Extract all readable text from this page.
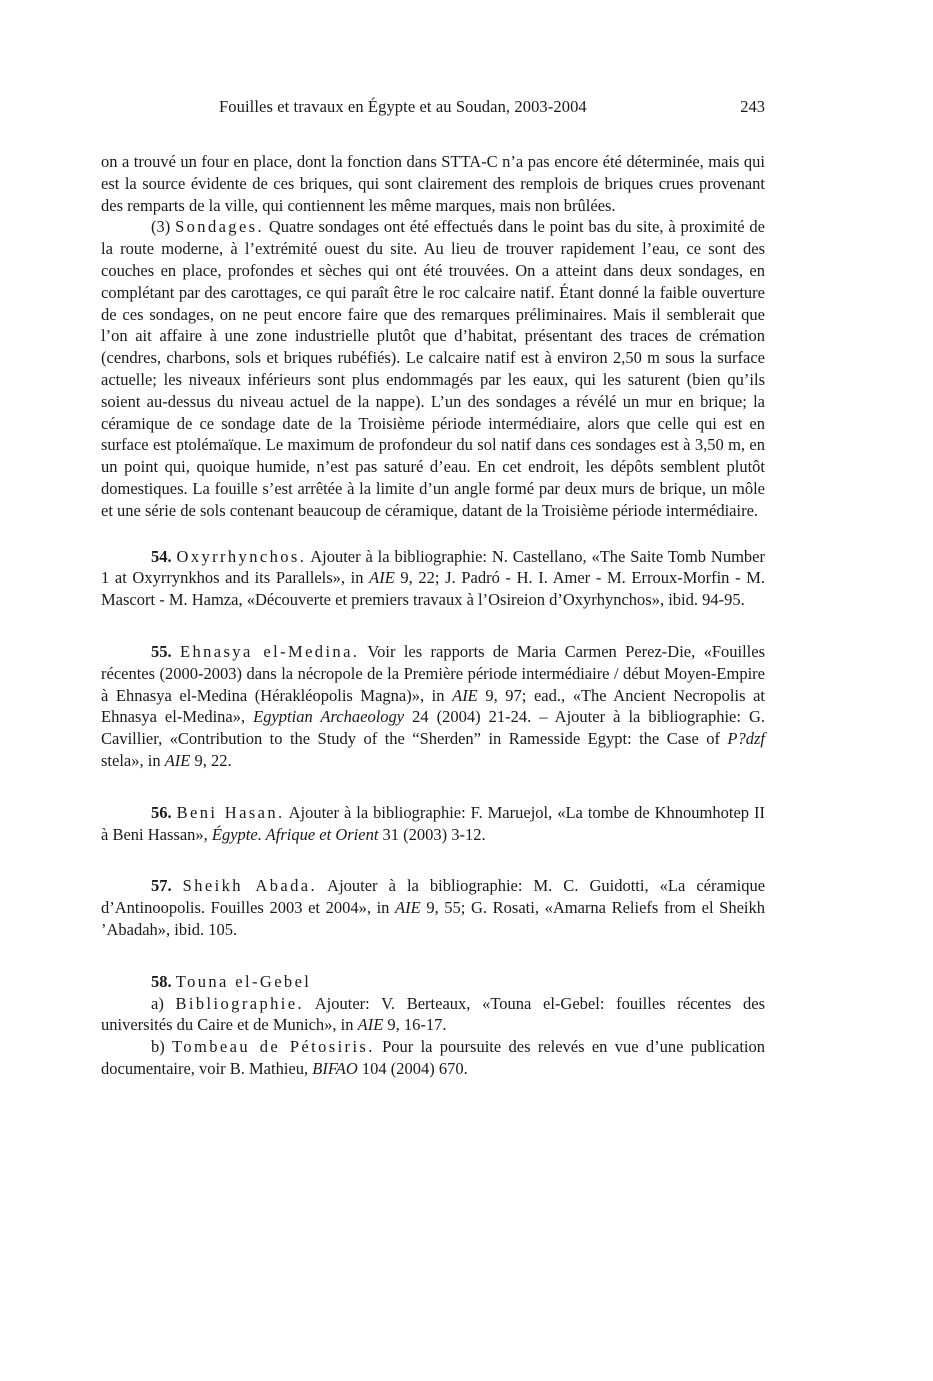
Fouilles et travaux en Égypte et au Soudan, 2003-2004	243

on a trouvé un four en place, dont la fonction dans STTA-C n’a pas encore été déterminée, mais qui est la source évidente de ces briques, qui sont clairement des remplois de briques crues provenant des remparts de la ville, qui contiennent les même marques, mais non brûlées.

(3) Sondages. Quatre sondages ont été effectués dans le point bas du site, à proximité de la route moderne, à l’extrémité ouest du site. Au lieu de trouver rapidement l’eau, ce sont des couches en place, profondes et sèches qui ont été trouvées. On a atteint dans deux sondages, en complétant par des carottages, ce qui paraît être le roc calcaire natif. Étant donné la faible ouverture de ces sondages, on ne peut encore faire que des remarques préliminaires. Mais il semblerait que l’on ait affaire à une zone industrielle plutôt que d’habitat, présentant des traces de crémation (cendres, charbons, sols et briques rubéfiés). Le calcaire natif est à environ 2,50 m sous la surface actuelle; les niveaux inférieurs sont plus endommagés par les eaux, qui les saturent (bien qu’ils soient au-dessus du niveau actuel de la nappe). L’un des sondages a révélé un mur en brique; la céramique de ce sondage date de la Troisième période intermédiaire, alors que celle qui est en surface est ptolémaïque. Le maximum de profondeur du sol natif dans ces sondages est à 3,50 m, en un point qui, quoique humide, n’est pas saturé d’eau. En cet endroit, les dépôts semblent plutôt domestiques. La fouille s’est arrêtée à la limite d’un angle formé par deux murs de brique, un môle et une série de sols contenant beaucoup de céramique, datant de la Troisième période intermédiaire.

54. Oxyrrhynchos. Ajouter à la bibliographie: N. Castellano, «The Saite Tomb Number 1 at Oxyrrynkhos and its Parallels», in AIE 9, 22; J. Padró - H. I. Amer - M. Erroux-Morfin - M. Mascort - M. Hamza, «Découverte et premiers travaux à l’Osireion d’Oxyrhynchos», ibid. 94-95.

55. Ehnasya el-Medina. Voir les rapports de Maria Carmen Perez-Die, «Fouilles récentes (2000-2003) dans la nécropole de la Première période intermédiaire / début Moyen-Empire à Ehnasya el-Medina (Hérakléopolis Magna)», in AIE 9, 97; ead., «The Ancient Necropolis at Ehnasya el-Medina», Egyptian Archaeology 24 (2004) 21-24. – Ajouter à la bibliographie: G. Cavillier, «Contribution to the Study of the “Sherden” in Ramesside Egypt: the Case of P?dzf stela», in AIE 9, 22.

56. Beni Hasan. Ajouter à la bibliographie: F. Maruejol, «La tombe de Khnoumhotep II à Beni Hassan», Égypte. Afrique et Orient 31 (2003) 3-12.

57. Sheikh Abada. Ajouter à la bibliographie: M. C. Guidotti, «La céramique d’Antinoopolis. Fouilles 2003 et 2004», in AIE 9, 55; G. Rosati, «Amarna Reliefs from el Sheikh ’Abadah», ibid. 105.

58. Touna el-Gebel

a) Bibliographie. Ajouter: V. Berteaux, «Touna el-Gebel: fouilles récentes des universités du Caire et de Munich», in AIE 9, 16-17.

b) Tombeau de Pétosiris. Pour la poursuite des relevés en vue d’une publication documentaire, voir B. Mathieu, BIFAO 104 (2004) 670.
